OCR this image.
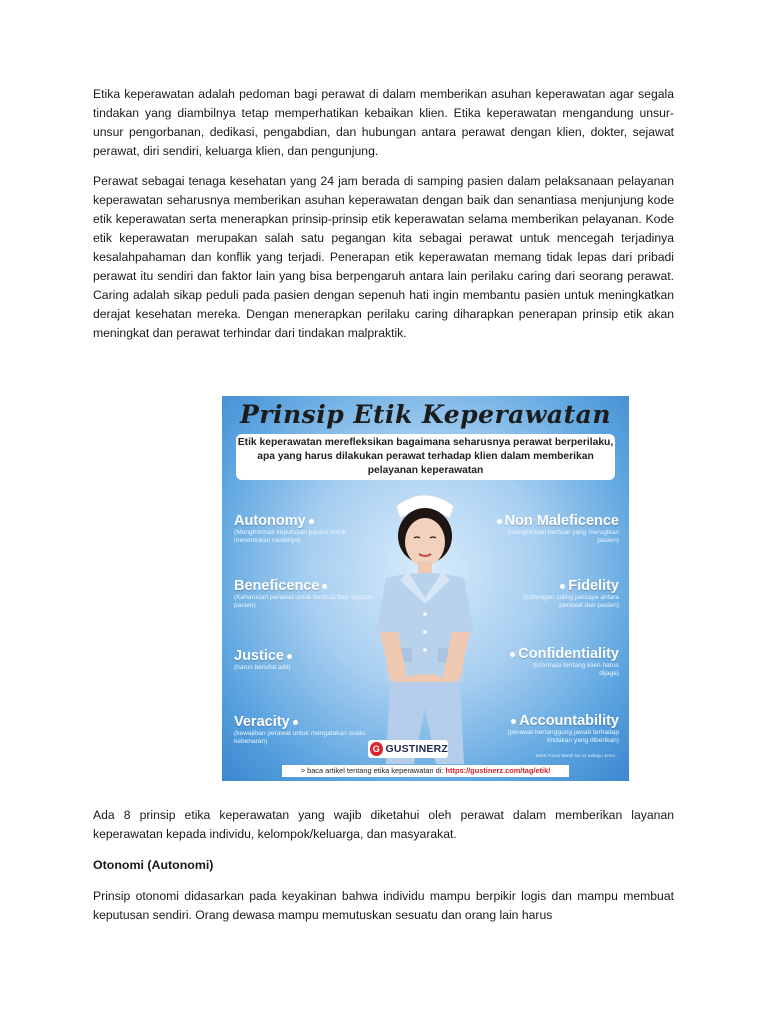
Etika keperawatan adalah pedoman bagi perawat di dalam memberikan asuhan keperawatan agar segala tindakan yang diambilnya tetap memperhatikan kebaikan klien. Etika keperawatan mengandung unsur-unsur pengorbanan, dedikasi, pengabdian, dan hubungan antara perawat dengan klien, dokter, sejawat perawat, diri sendiri, keluarga klien, dan pengunjung.

Perawat sebagai tenaga kesehatan yang 24 jam berada di samping pasien dalam pelaksanaan pelayanan keperawatan seharusnya memberikan asuhan keperawatan dengan baik dan senantiasa menjunjung kode etik keperawatan serta menerapkan prinsip-prinsip etik keperawatan selama memberikan pelayanan. Kode etik keperawatan merupakan salah satu pegangan kita sebagai perawat untuk mencegah terjadinya kesalahpahaman dan konflik yang terjadi. Penerapan etik keperawatan memang tidak lepas dari pribadi perawat itu sendiri dan faktor lain yang bisa berpengaruh antara lain perilaku caring dari seorang perawat. Caring adalah sikap peduli pada pasien dengan sepenuh hati ingin membantu pasien untuk meningkatkan derajat kesehatan mereka. Dengan menerapkan perilaku caring diharapkan penerapan prinsip etik akan meningkat dan perawat terhindar dari tindakan malpraktik.

Prinsip Etik Keperawatan
Etik keperawatan merefleksikan bagaimana seharusnya perawat berperilaku, apa yang harus dilakukan perawat terhadap klien dalam memberikan pelayanan keperawatan
Autonomy
(Menghormati keputusan pasien untuk menentukan nasibnya)
Beneficence
(Keharusan perawat untuk berbuat baik kepada pasien)
Justice
(harus bersifat adil)
Veracity
(kewajiban perawat untuk mengatakan suatu kebenaran)
Non Maleficence
(menghindari berbuat yang merugikan pasien)
Fidelity
(hubungan saling percaya antara perawat dan pasien)
Confidentiality
(informasi tentang klien harus dijaga)
Accountability
(perawat bertanggung jawab terhadap tindakan yang diberikan)
G GUSTINERZ
Bolut Purwo Baruh No.11 Indrayu Jerso
> baca artikel tentang etika keperawatan di: https://gustinerz.com/tag/etik/

Ada 8 prinsip etika keperawatan yang wajib diketahui oleh perawat dalam memberikan layanan keperawatan kepada individu, kelompok/keluarga, dan masyarakat.

Otonomi (Autonomi)

Prinsip otonomi didasarkan pada keyakinan bahwa individu mampu berpikir logis dan mampu membuat keputusan sendiri. Orang dewasa mampu memutuskan sesuatu dan orang lain harus
